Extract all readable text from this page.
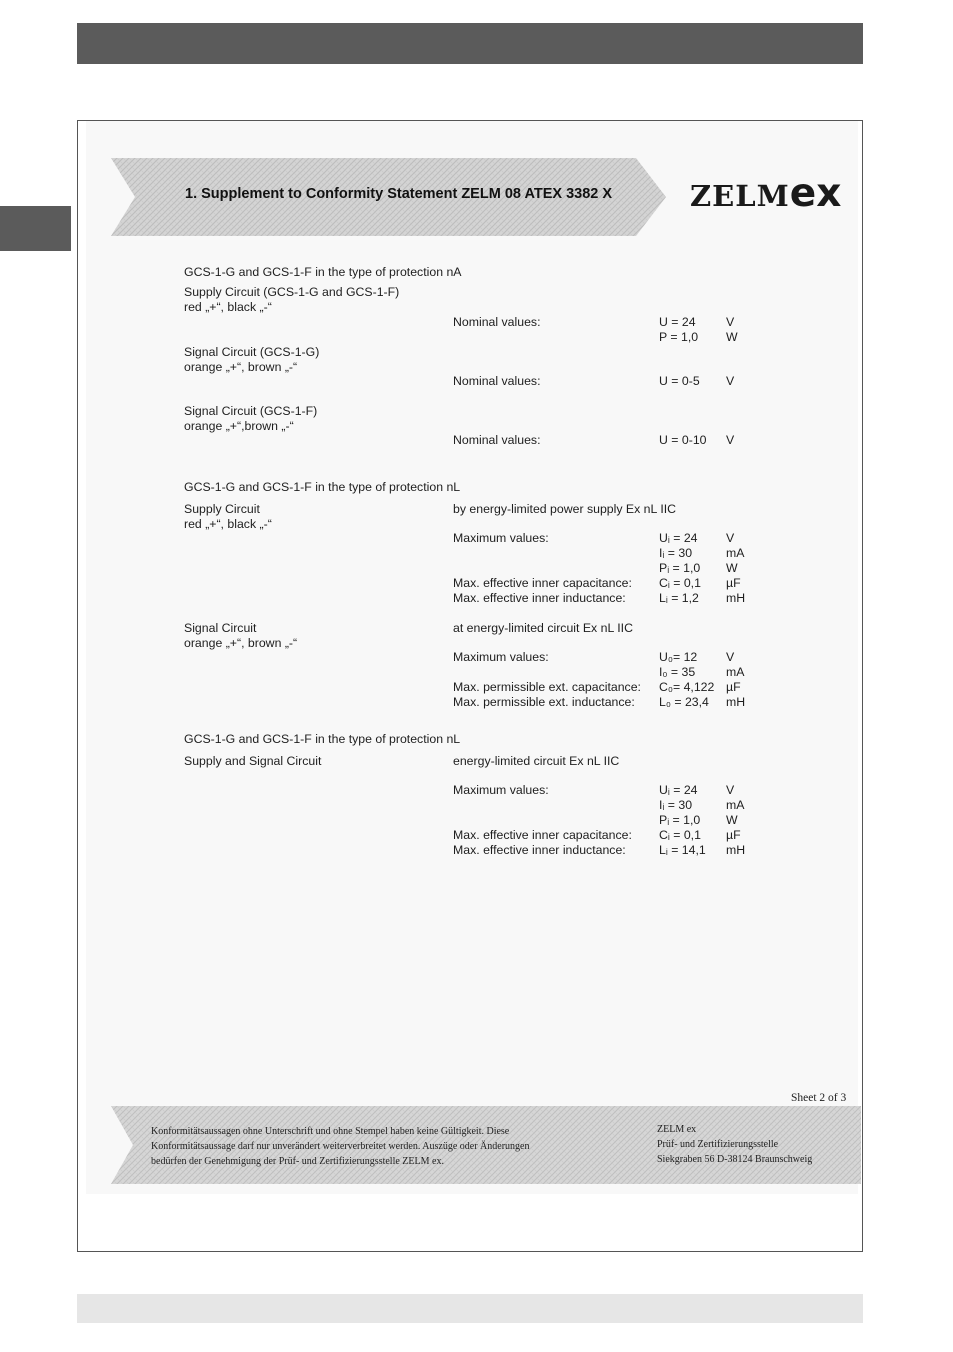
1. Supplement to Conformity Statement ZELM 08 ATEX 3382 X	ZELMex
GCS-1-G and GCS-1-F in the type of protection nA
Supply Circuit (GCS-1-G and GCS-1-F)
red „+“, black „-“
Nominal values:	U = 24 V
P = 1,0 W
Signal Circuit (GCS-1-G)
orange „+“, brown „-“
Nominal values:	U = 0-5 V
Signal Circuit (GCS-1-F)
orange „+“,brown „-“
Nominal values:	U = 0-10 V
GCS-1-G and GCS-1-F in the type of protection nL
Supply Circuit	by energy-limited power supply Ex nL IIC
red „+“, black „-“
Maximum values:	Uᵢ = 24 V
Iᵢ = 30	mA
Pᵢ = 1,0 W
Max. effective inner capacitance: Cᵢ = 0,1 µF
Max. effective inner inductance:	Lᵢ = 1,2 mH
Signal Circuit	at energy-limited circuit Ex nL IIC
orange „+“, brown „-“
Maximum values:	U₀= 12 V
I₀ = 35	mA
Max. permissible ext. capacitance: C₀= 4,122 µF
Max. permissible ext. inductance: L₀ = 23,4 mH
GCS-1-G and GCS-1-F in the type of protection nL
Supply and Signal Circuit	energy-limited circuit Ex nL IIC
Maximum values:	Uᵢ = 24 V
Iᵢ = 30	mA
Pᵢ = 1,0 W
Max. effective inner capacitance: Cᵢ = 0,1 µF
Max. effective inner inductance:	Lᵢ = 14,1 mH
Sheet 2 of 3
Konformitätsaussagen ohne Unterschrift und ohne Stempel haben keine Gültigkeit. Diese
Konformitätsaussage darf nur unverändert weiterverbreitet werden. Auszüge oder Änderungen
bedürfen der Genehmigung der Prüf- und Zertifizierungsstelle ZELM ex.
ZELM ex
Prüf- und Zertifizierungsstelle
Siekgraben 56 D-38124 Braunschweig
